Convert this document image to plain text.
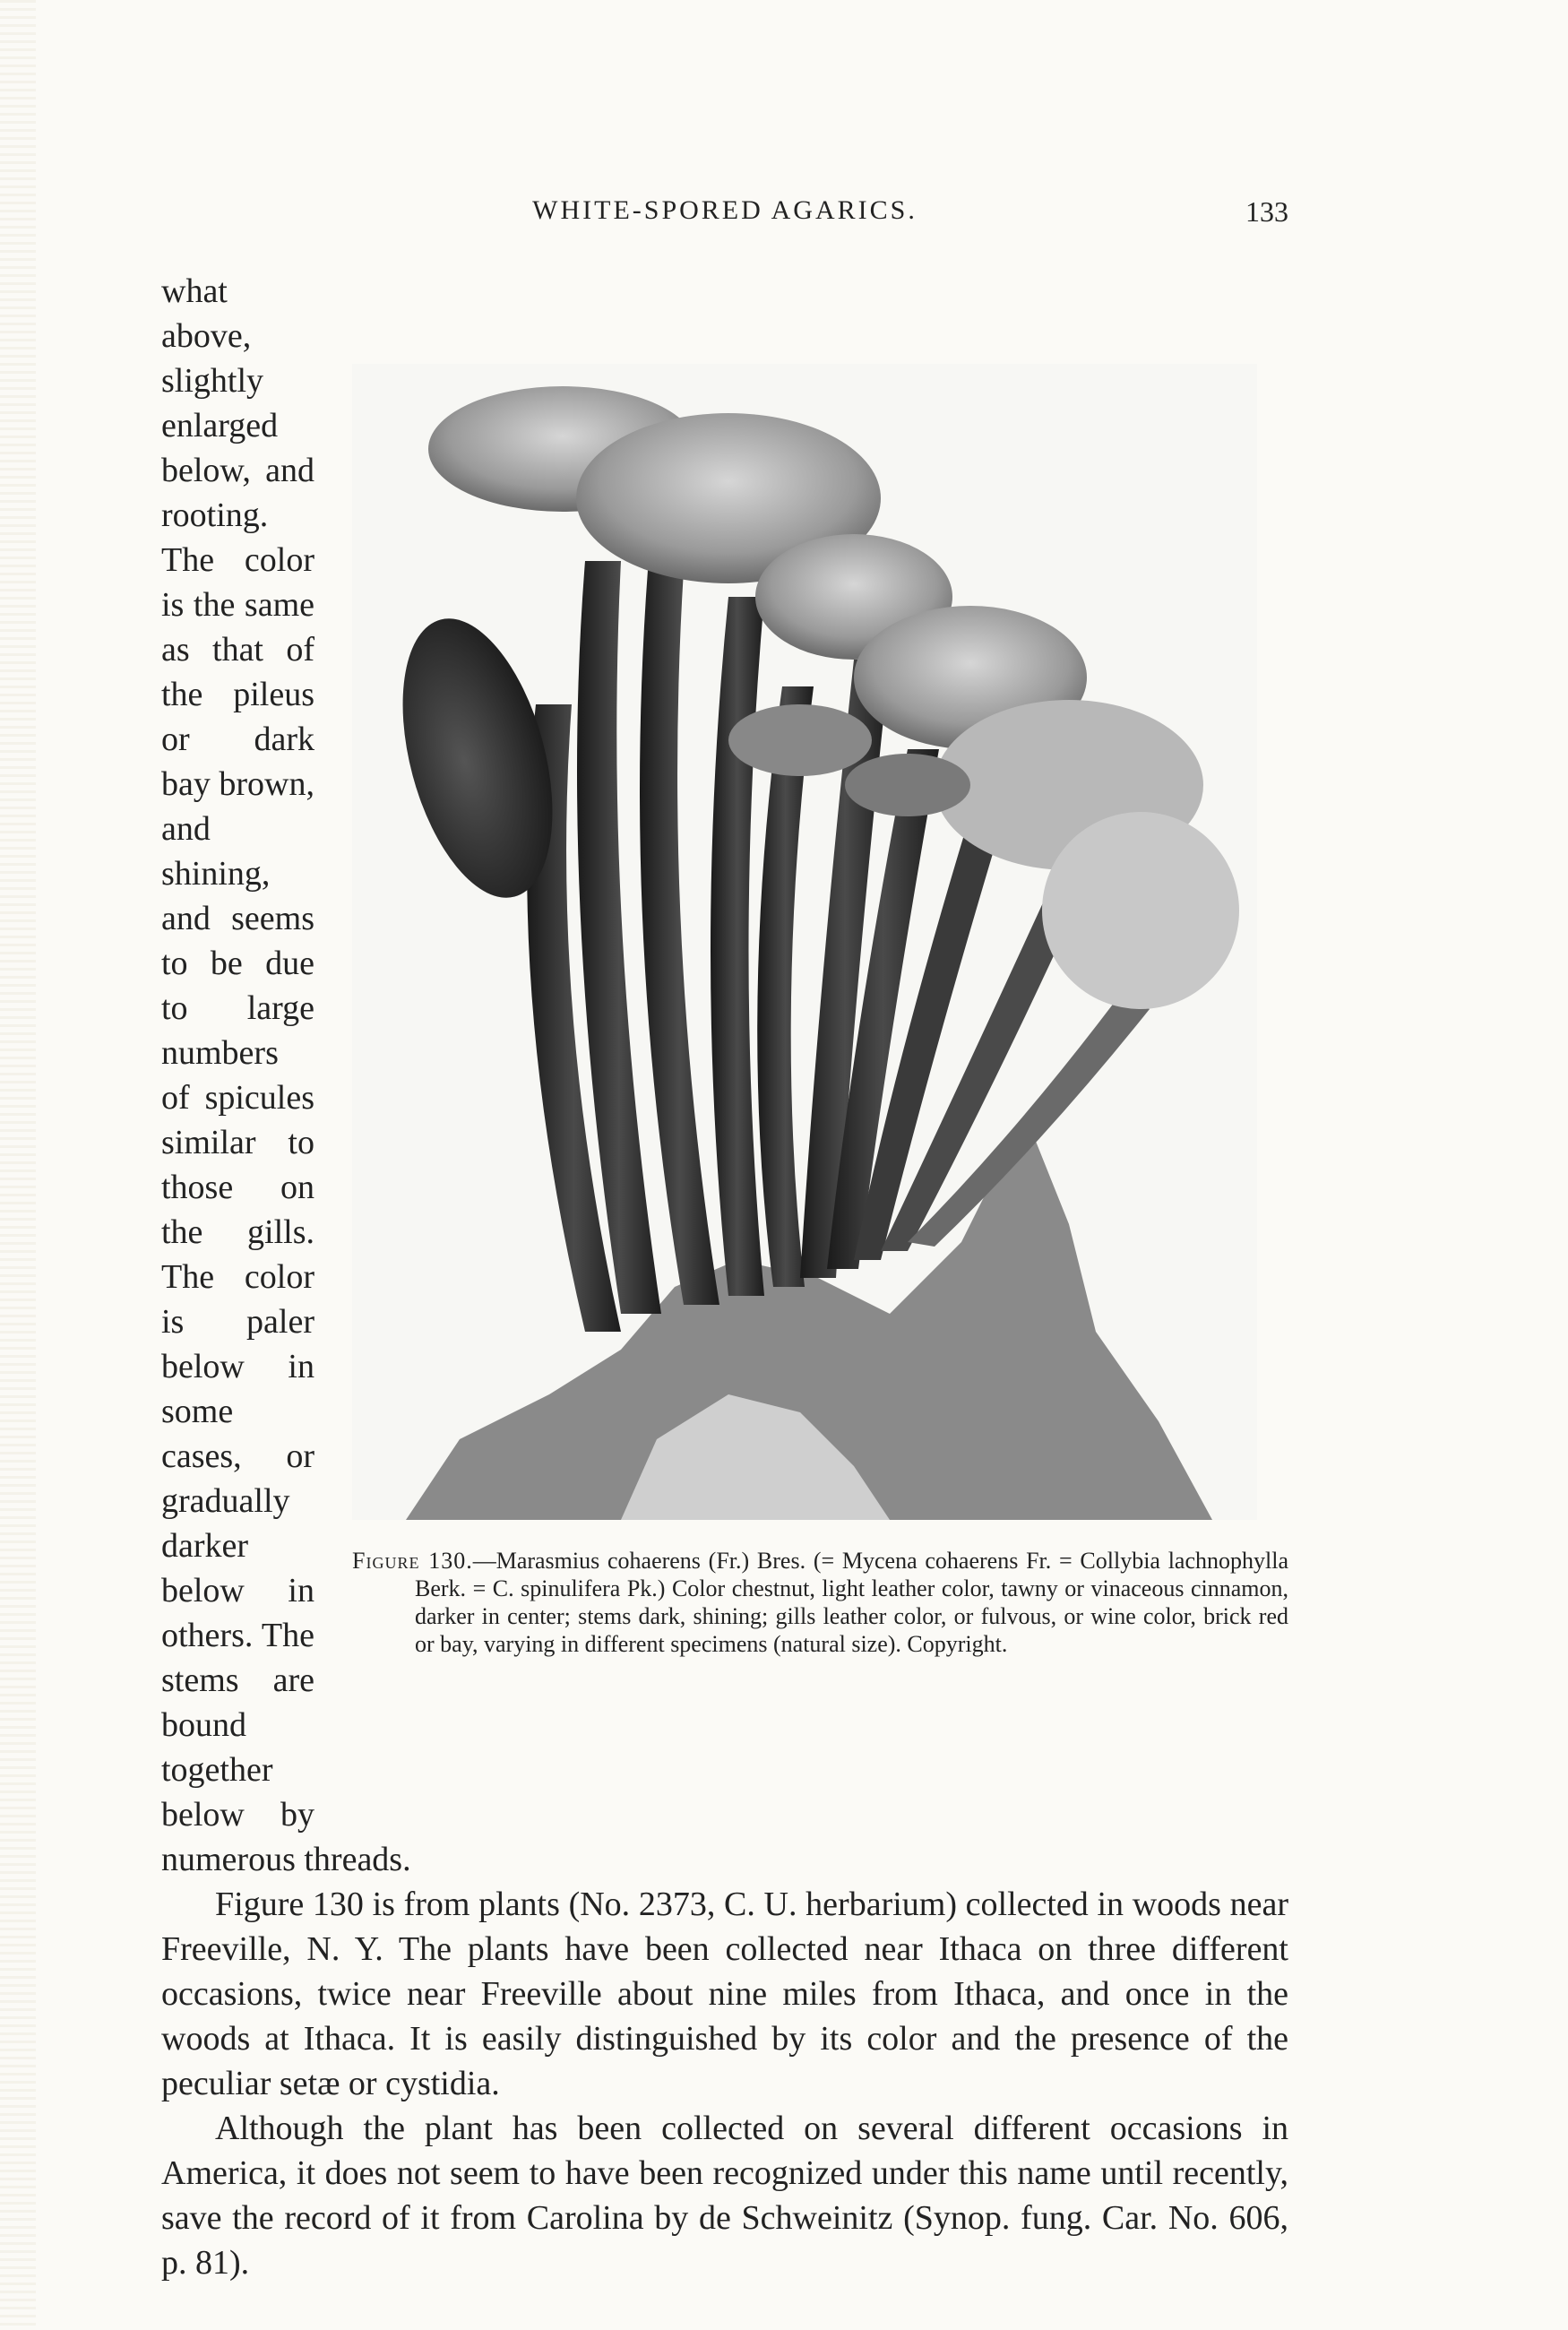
WHITE-SPORED AGARICS.	133
Figure 130.—Marasmius cohaerens (Fr.) Bres. (= Mycena cohaerens Fr. = Collybia lachnophylla Berk. = C. spinulifera Pk.) Color chestnut, light leather color, tawny or vinaceous cinnamon, darker in center; stems dark, shining; gills leather color, or fulvous, or wine color, brick red or bay, varying in different specimens (natural size). Copyright.

what above, slightly enlarged below, and rooting. The color is the same as that of the pileus or dark bay brown, and shining, and seems to be due to large numbers of spicules similar to those on the gills. The color is paler below in some cases, or gradually darker below in others. The stems are bound together below by numerous threads.

Figure 130 is from plants (No. 2373, C. U. herbarium) collected in woods near Freeville, N. Y. The plants have been collected near Ithaca on three different occasions, twice near Freeville about nine miles from Ithaca, and once in the woods at Ithaca. It is easily distinguished by its color and the presence of the peculiar setæ or cystidia.

Although the plant has been collected on several different occasions in America, it does not seem to have been recognized under this name until recently, save the record of it from Carolina by de Schweinitz (Synop. fung. Car. No. 606, p. 81).
